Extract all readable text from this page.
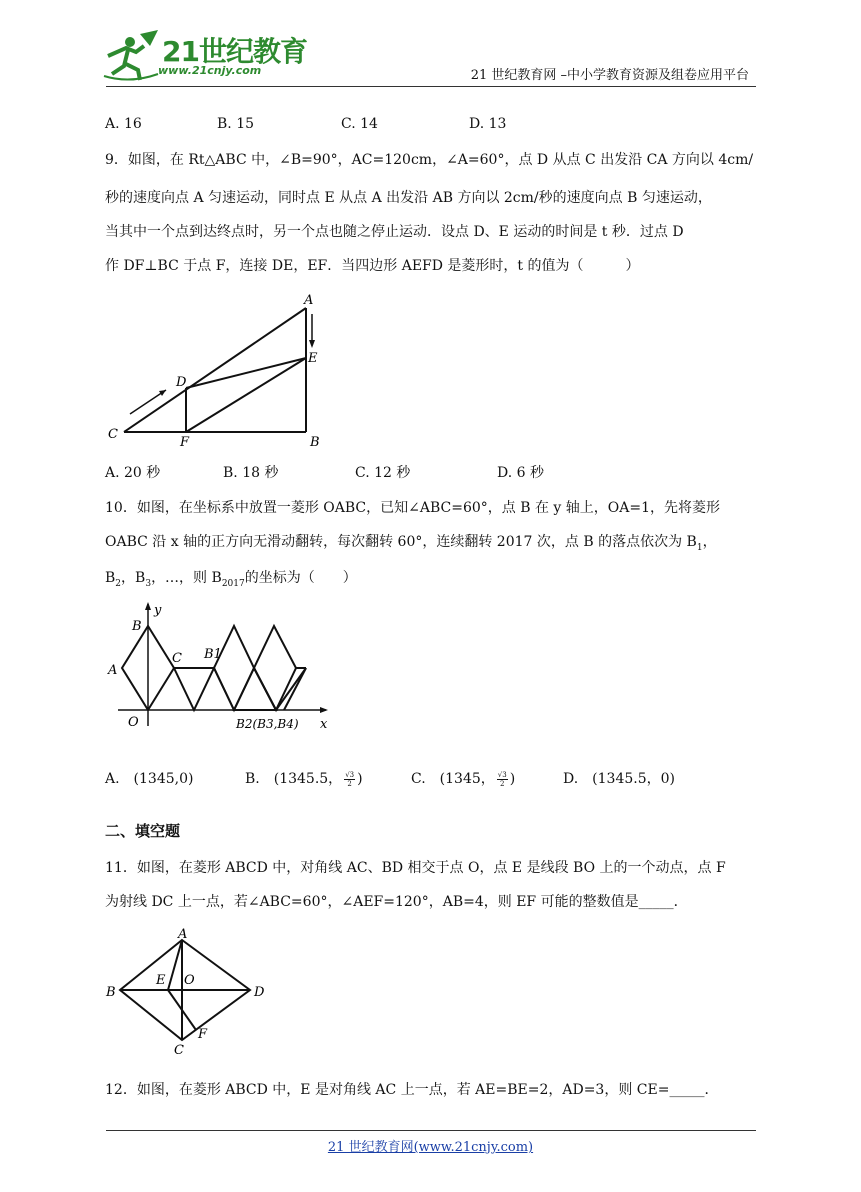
21世纪教育
www.21cnjy.com	21 世纪教育网 –中小学教育资源及组卷应用平台
A. 16	B. 15	C. 14	D. 13
9．如图，在 Rt△ABC 中，∠B=90°，AC=120cm，∠A=60°，点 D 从点 C 出发沿 CA 方向以 4cm/
秒的速度向点 A 匀速运动，同时点 E 从点 A 出发沿 AB 方向以 2cm/秒的速度向点 B 匀速运动，
当其中一个点到达终点时，另一个点也随之停止运动．设点 D、E 运动的时间是 t 秒．过点 D
作 DF⊥BC 于点 F，连接 DE，EF．当四边形 AEFD 是菱形时，t 的值为（　　　）
A
B
C
D
E
F
A. 20 秒	B. 18 秒	C. 12 秒	D. 6 秒
10．如图，在坐标系中放置一菱形 OABC，已知∠ABC=60°，点 B 在 y 轴上，OA=1，先将菱形
OABC 沿 x 轴的正方向无滑动翻转，每次翻转 60°，连续翻转 2017 次，点 B 的落点依次为 $B_1$，
$B_2$，$B_3$，…，则 $B_{2017}$的坐标为（　　）
y
x
B
A
C
O
B1
B2(B3,B4)
A.　(1345,0)	B.　(1345.5， $\frac{√3}{2}$ )	C.　(1345， $\frac{√3}{2}$ )	D.　(1345.5，0)
二、填空题
11．如图，在菱形 ABCD 中，对角线 AC、BD 相交于点 O，点 E 是线段 BO 上的一个动点，点 F
为射线 DC 上一点，若∠ABC=60°，∠AEF=120°，AB=4，则 EF 可能的整数值是_____．
A
B
C
D
E O
F
12．如图，在菱形 ABCD 中，E 是对角线 AC 上一点，若 AE=BE=2，AD=3，则 CE=_____．
21 世纪教育网(www.21cnjy.com)
